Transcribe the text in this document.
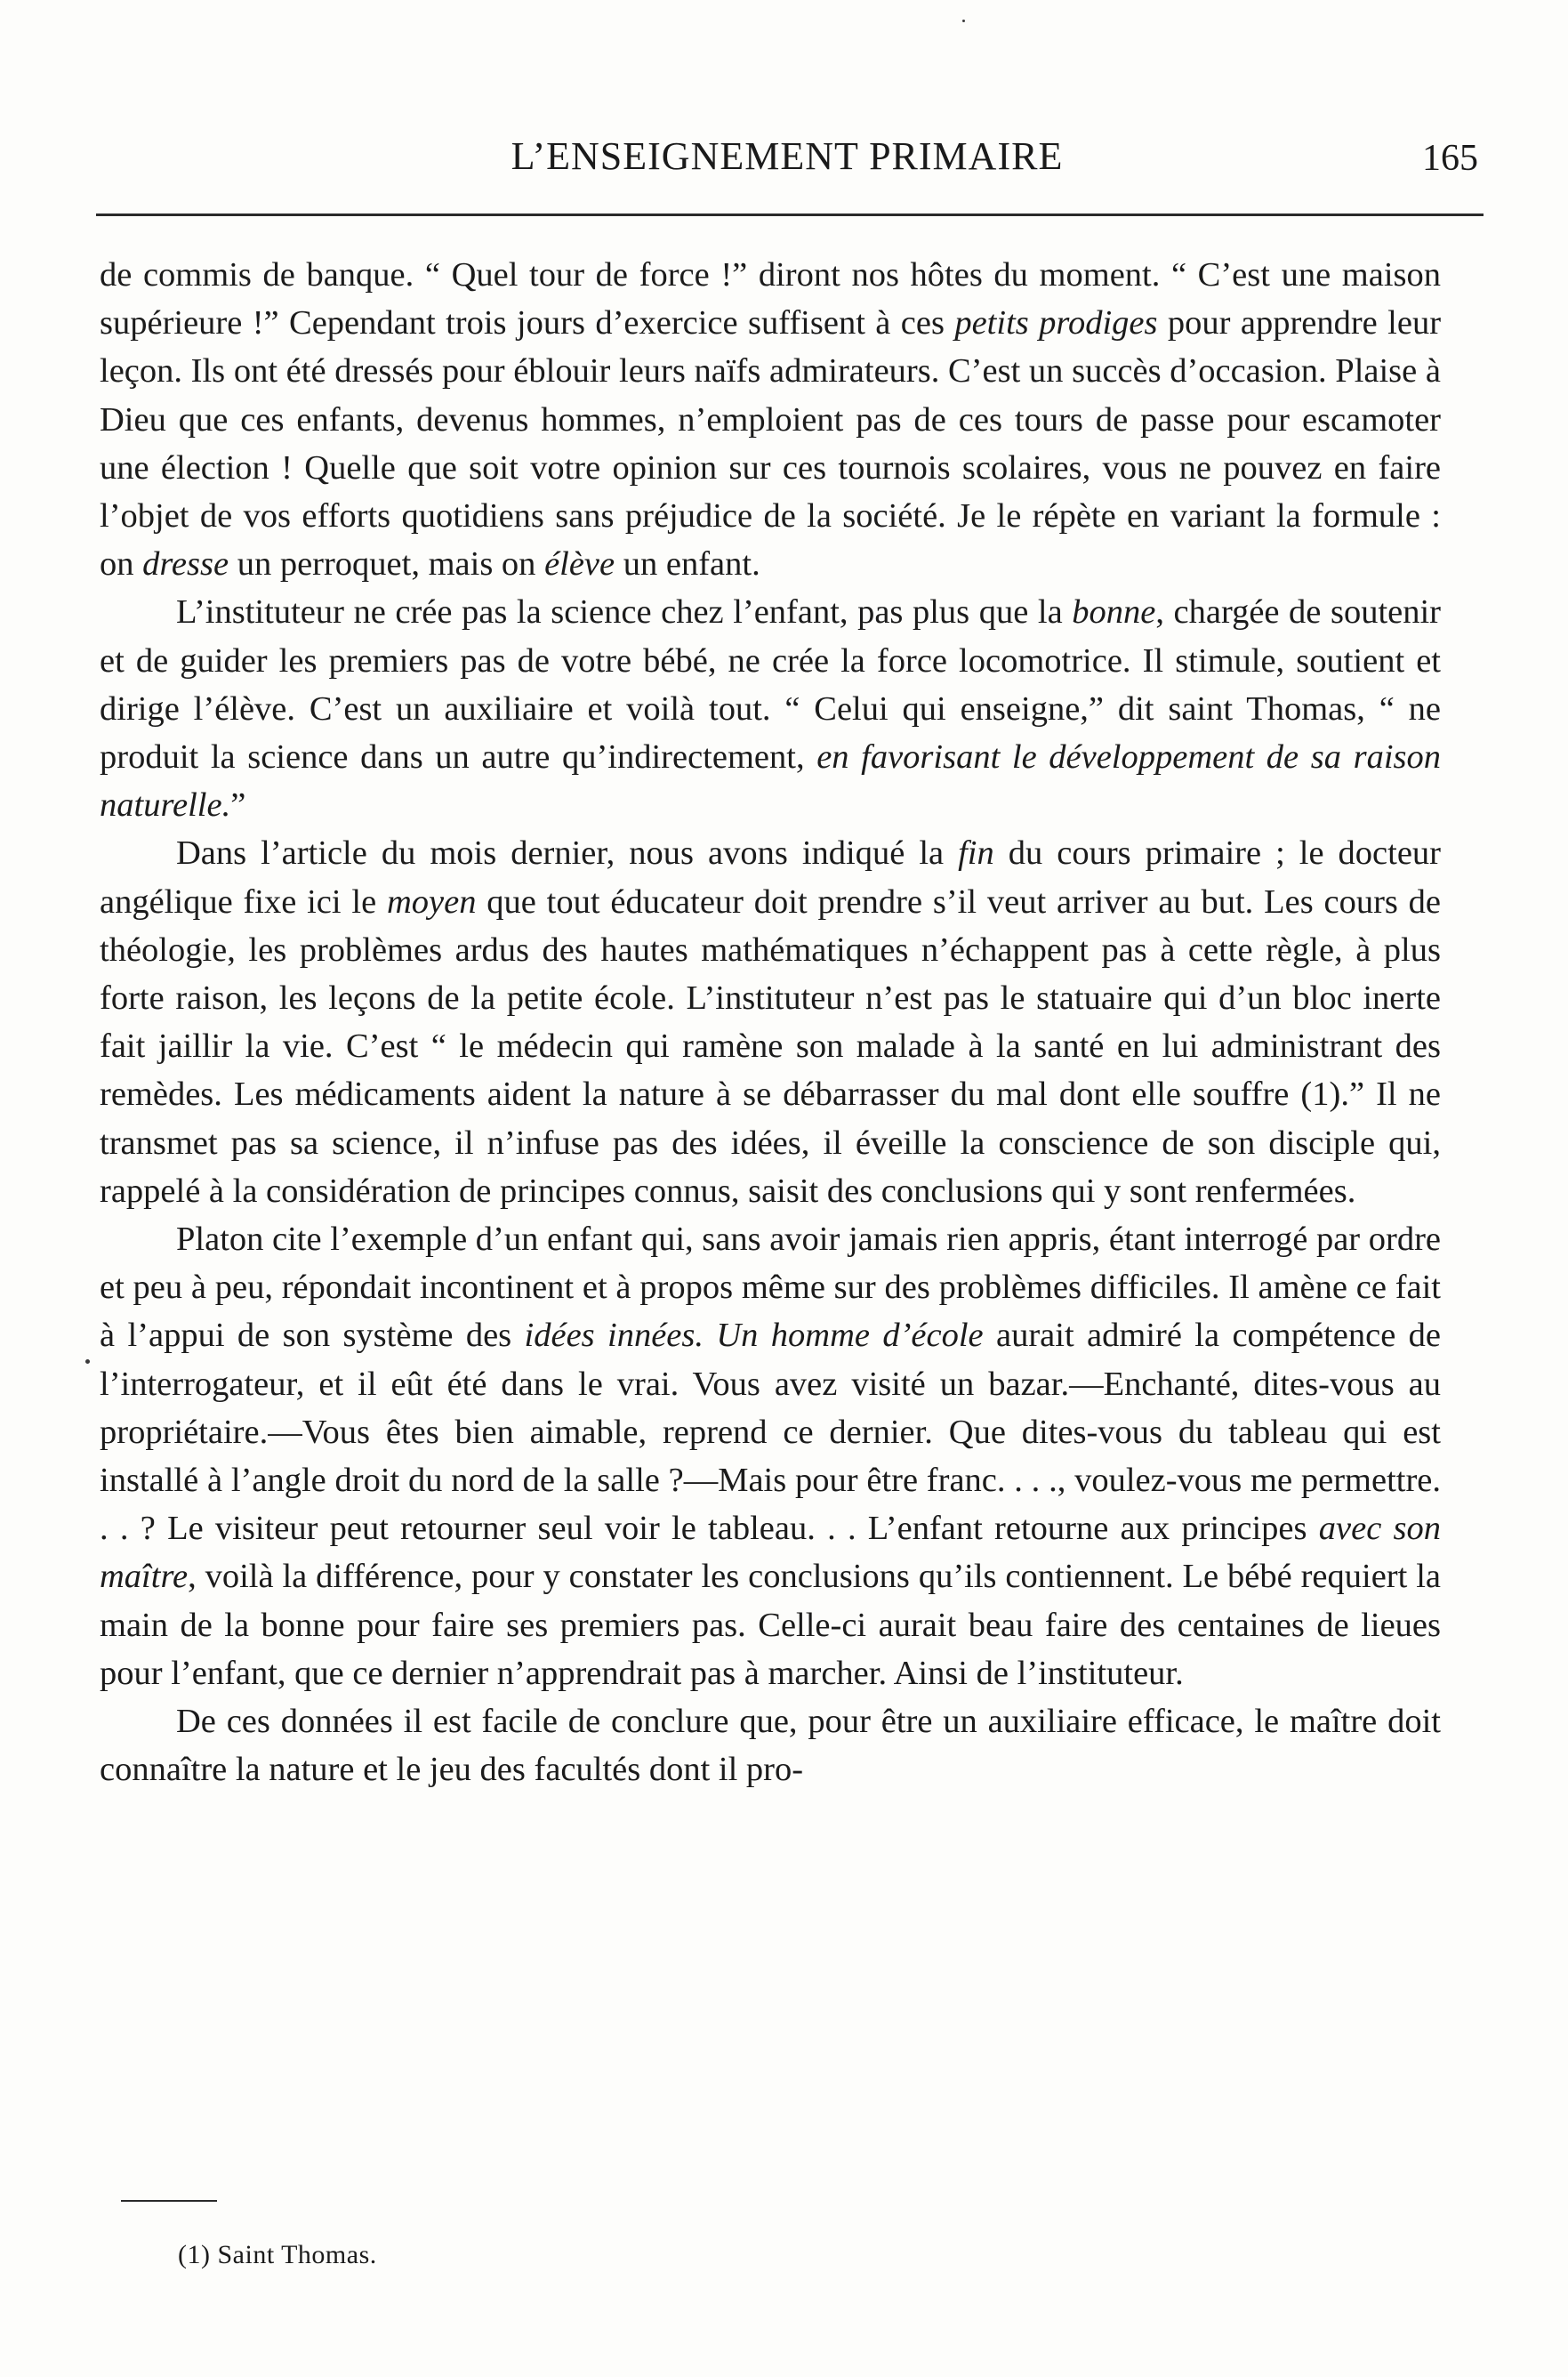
L’ENSEIGNEMENT PRIMAIRE	165

de commis de banque. “ Quel tour de force !” diront nos hôtes du moment. “ C’est une maison supérieure !” Cependant trois jours d’exercice suffisent à ces petits prodiges pour apprendre leur leçon. Ils ont été dressés pour éblouir leurs naïfs admirateurs. C’est un succès d’occasion. Plaise à Dieu que ces enfants, devenus hommes, n’emploient pas de ces tours de passe pour escamoter une élection ! Quelle que soit votre opinion sur ces tournois scolaires, vous ne pouvez en faire l’objet de vos efforts quotidiens sans préjudice de la société. Je le répète en variant la formule : on dresse un perroquet, mais on élève un enfant.

L’instituteur ne crée pas la science chez l’enfant, pas plus que la bonne, chargée de soutenir et de guider les premiers pas de votre bébé, ne crée la force locomotrice. Il stimule, soutient et dirige l’élève. C’est un auxiliaire et voilà tout. “ Celui qui enseigne,” dit saint Thomas, “ ne produit la science dans un autre qu’indirectement, en favorisant le développement de sa raison naturelle.”

Dans l’article du mois dernier, nous avons indiqué la fin du cours primaire ; le docteur angélique fixe ici le moyen que tout éducateur doit prendre s’il veut arriver au but. Les cours de théologie, les problèmes ardus des hautes mathématiques n’échappent pas à cette règle, à plus forte raison, les leçons de la petite école. L’instituteur n’est pas le statuaire qui d’un bloc inerte fait jaillir la vie. C’est “ le médecin qui ramène son malade à la santé en lui administrant des remèdes. Les médicaments aident la nature à se débarrasser du mal dont elle souffre (1).” Il ne transmet pas sa science, il n’infuse pas des idées, il éveille la conscience de son disciple qui, rappelé à la considération de principes connus, saisit des conclusions qui y sont renfermées.

Platon cite l’exemple d’un enfant qui, sans avoir jamais rien appris, étant interrogé par ordre et peu à peu, répondait incontinent et à propos même sur des problèmes difficiles. Il amène ce fait à l’appui de son système des idées innées. Un homme d’école aurait admiré la compétence de l’interrogateur, et il eût été dans le vrai. Vous avez visité un bazar.—Enchanté, dites-vous au propriétaire.—Vous êtes bien aimable, reprend ce dernier. Que dites-vous du tableau qui est installé à l’angle droit du nord de la salle ?—Mais pour être franc. . . ., voulez-vous me permettre. . . ? Le visiteur peut retourner seul voir le tableau. . . L’enfant retourne aux principes avec son maître, voilà la différence, pour y constater les conclusions qu’ils contiennent. Le bébé requiert la main de la bonne pour faire ses premiers pas. Celle-ci aurait beau faire des centaines de lieues pour l’enfant, que ce dernier n’apprendrait pas à marcher. Ainsi de l’instituteur.

De ces données il est facile de conclure que, pour être un auxiliaire efficace, le maître doit connaître la nature et le jeu des facultés dont il pro-

(1) Saint Thomas.
